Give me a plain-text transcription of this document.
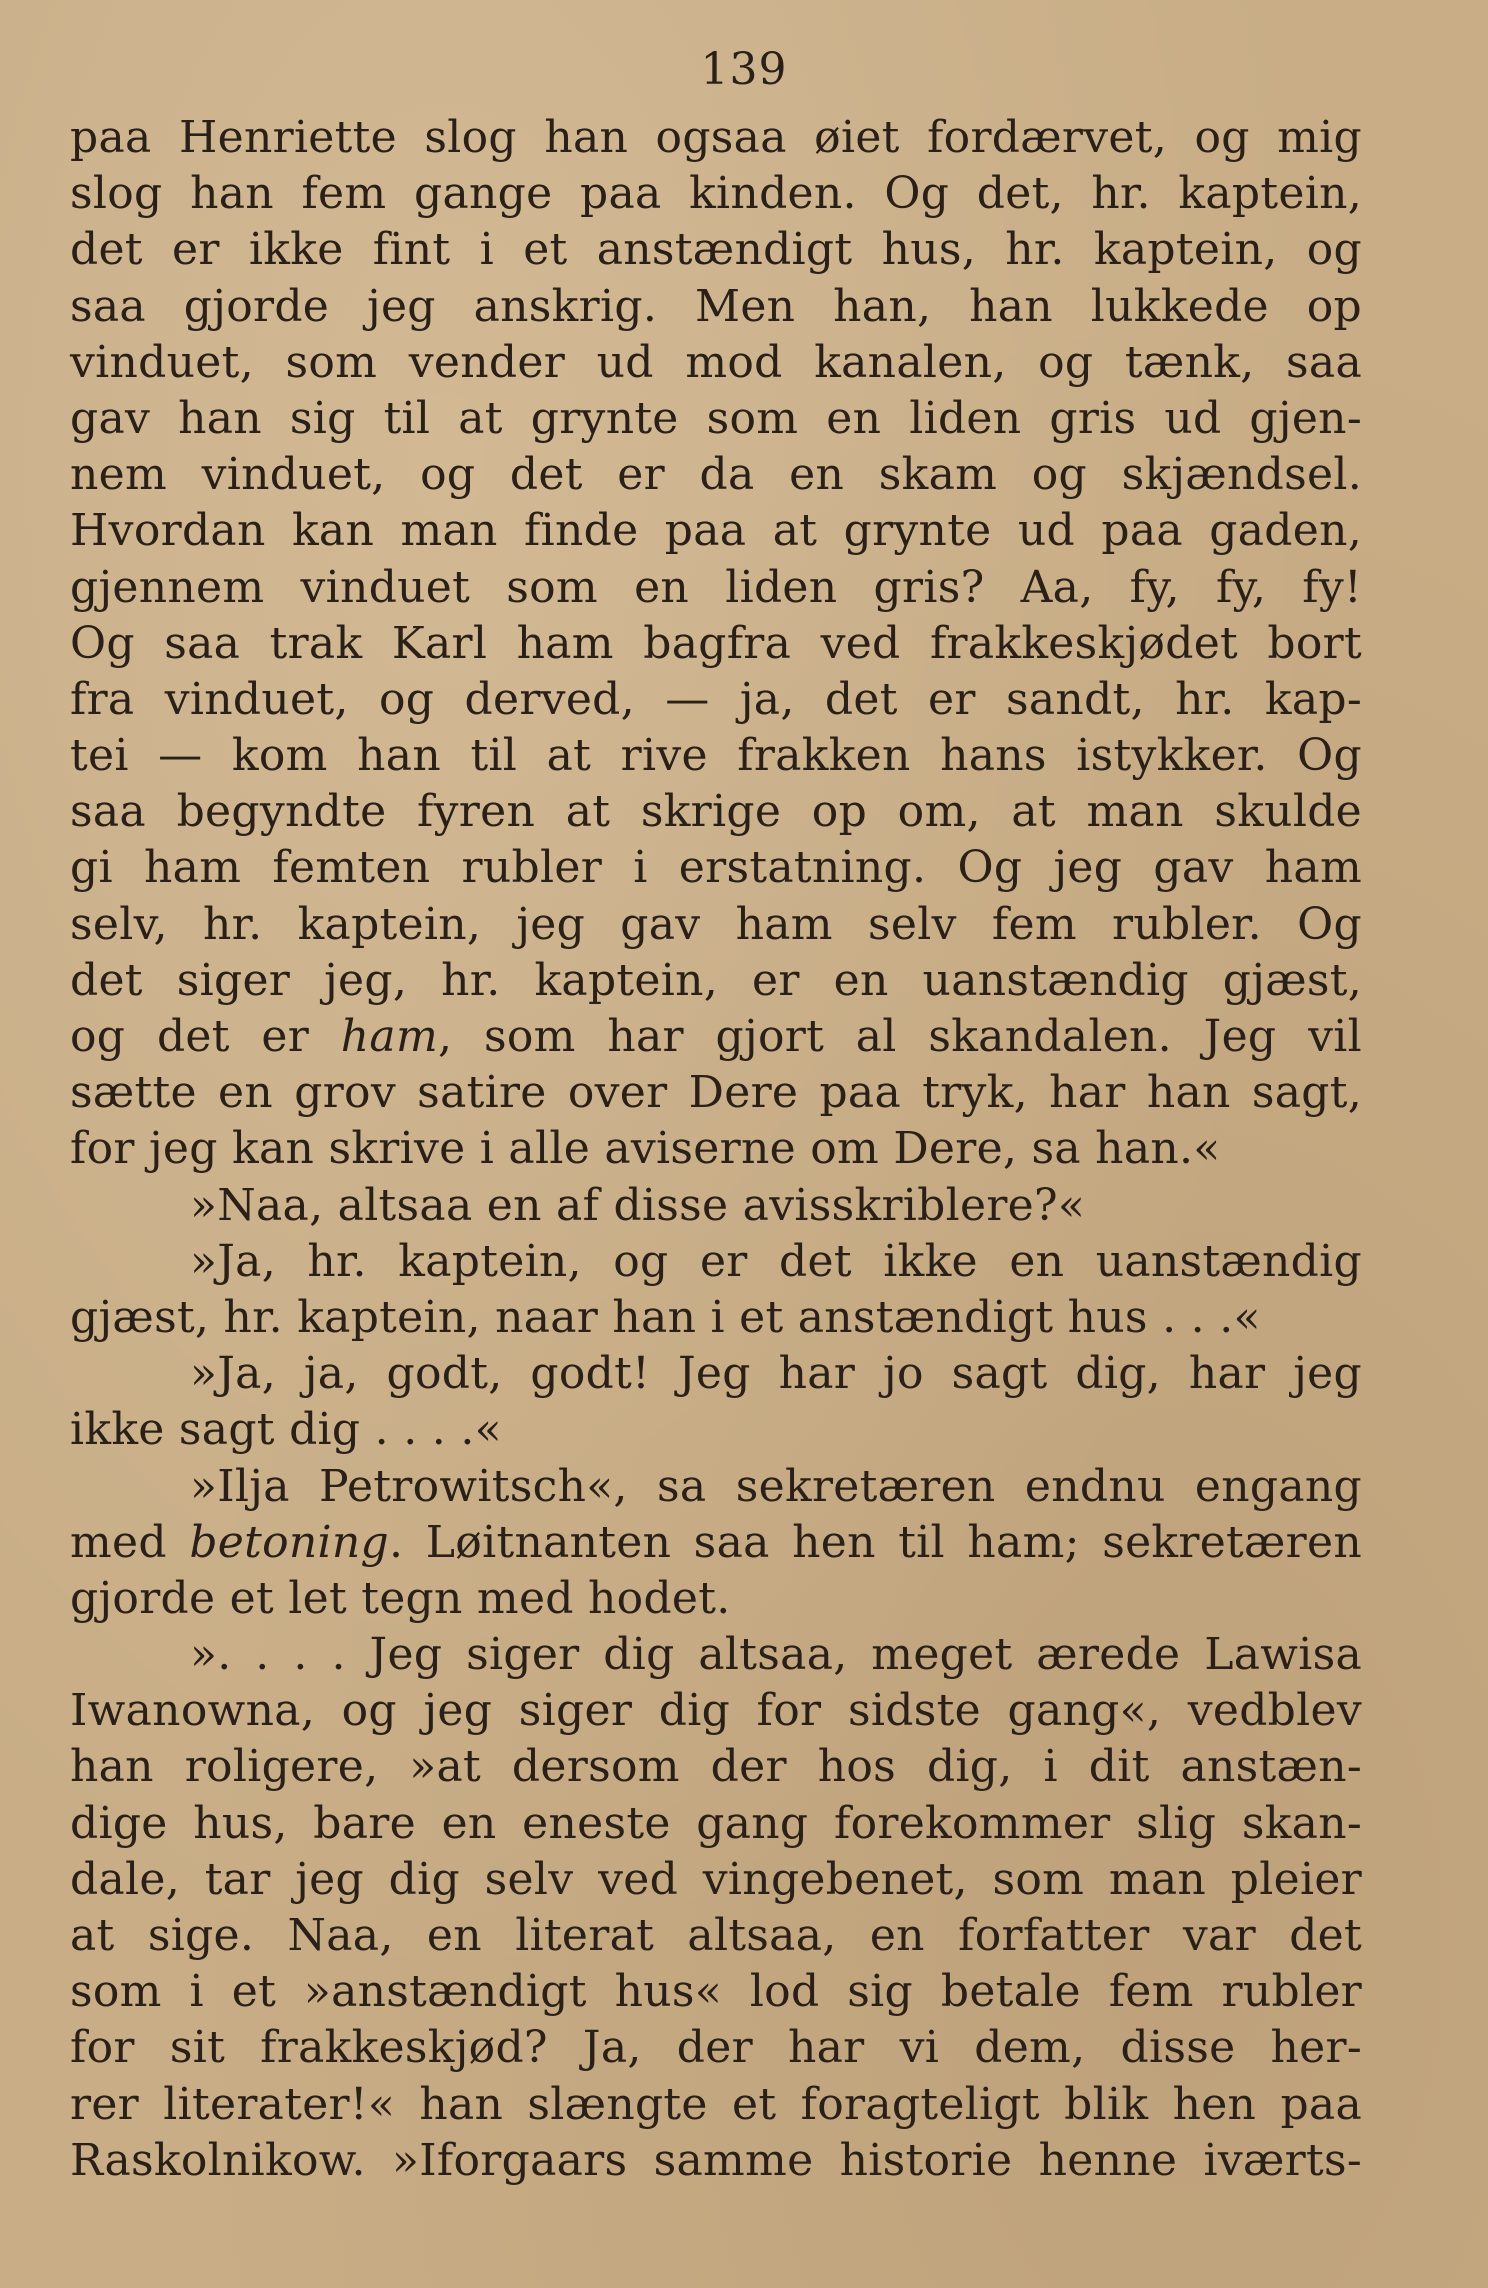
139
paa Henriette slog han ogsaa øiet fordærvet, og mig
slog han fem gange paa kinden. Og det, hr. kaptein,
det er ikke fint i et anstændigt hus, hr. kaptein, og
saa gjorde jeg anskrig. Men han, han lukkede op
vinduet, som vender ud mod kanalen, og tænk, saa
gav han sig til at grynte som en liden gris ud gjen-
nem vinduet, og det er da en skam og skjændsel.
Hvordan kan man finde paa at grynte ud paa gaden,
gjennem vinduet som en liden gris? Aa, fy, fy, fy!
Og saa trak Karl ham bagfra ved frakkeskjødet bort
fra vinduet, og derved, — ja, det er sandt, hr. kap-
tei — kom han til at rive frakken hans istykker. Og
saa begyndte fyren at skrige op om, at man skulde
gi ham femten rubler i erstatning. Og jeg gav ham
selv, hr. kaptein, jeg gav ham selv fem rubler. Og
det siger jeg, hr. kaptein, er en uanstændig gjæst,
og det er ham, som har gjort al skandalen. Jeg vil
sætte en grov satire over Dere paa tryk, har han sagt,
for jeg kan skrive i alle aviserne om Dere, sa han.«
»Naa, altsaa en af disse avisskriblere?«
»Ja, hr. kaptein, og er det ikke en uanstændig
gjæst, hr. kaptein, naar han i et anstændigt hus . . .«
»Ja, ja, godt, godt! Jeg har jo sagt dig, har jeg
ikke sagt dig . . . .«
»Ilja Petrowitsch«, sa sekretæren endnu engang
med betoning. Løitnanten saa hen til ham; sekretæren
gjorde et let tegn med hodet.
». . . . Jeg siger dig altsaa, meget ærede Lawisa
Iwanowna, og jeg siger dig for sidste gang«, vedblev
han roligere, »at dersom der hos dig, i dit anstæn-
dige hus, bare en eneste gang forekommer slig skan-
dale, tar jeg dig selv ved vingebenet, som man pleier
at sige. Naa, en literat altsaa, en forfatter var det
som i et »anstændigt hus« lod sig betale fem rubler
for sit frakkeskjød? Ja, der har vi dem, disse her-
rer literater!« han slængte et foragteligt blik hen paa
Raskolnikow. »Iforgaars samme historie henne iværts-
